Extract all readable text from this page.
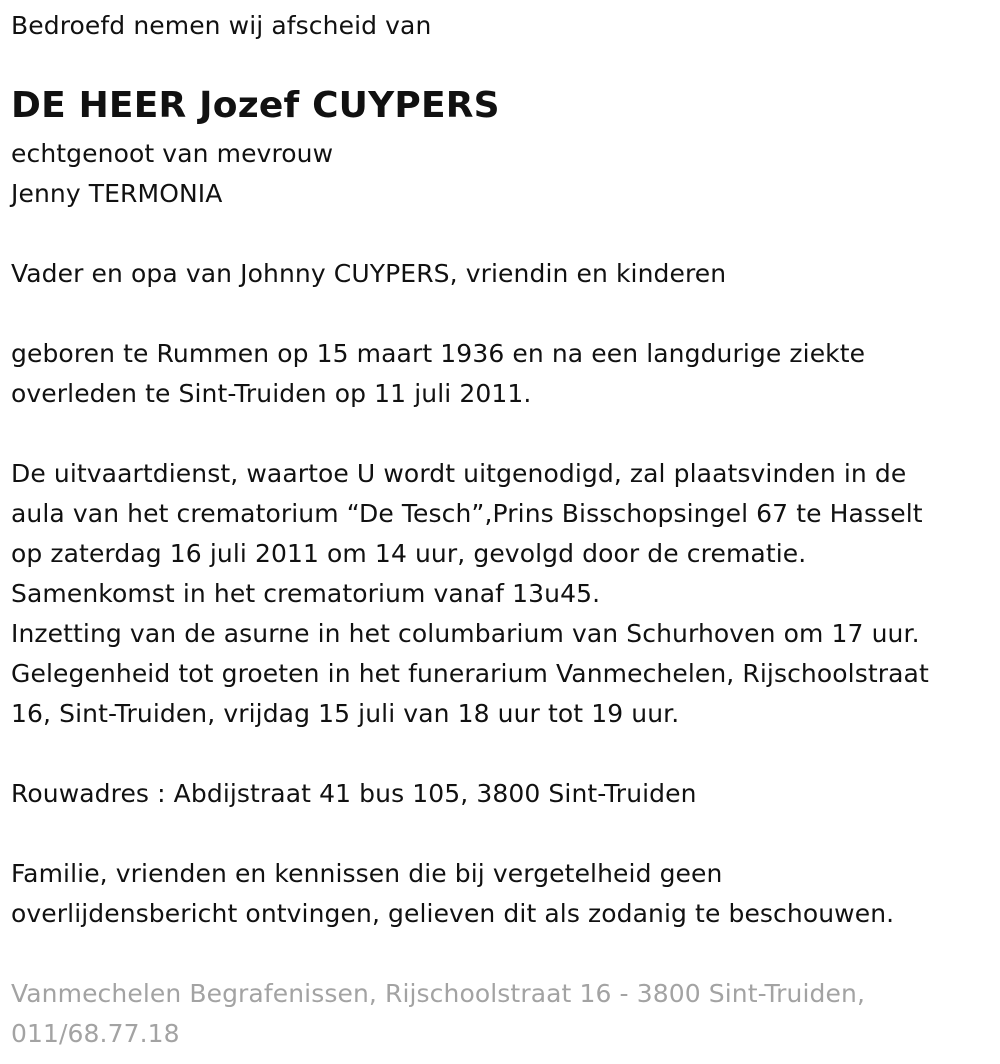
Bedroefd nemen wij afscheid van
DE HEER Jozef CUYPERS
echtgenoot van mevrouw
Jenny TERMONIA
Vader en opa van Johnny CUYPERS, vriendin en kinderen
geboren te Rummen op 15 maart 1936 en na een langdurige ziekte
overleden te Sint-Truiden op 11 juli 2011.
De uitvaartdienst, waartoe U wordt uitgenodigd, zal plaatsvinden in de
aula van het crematorium “De Tesch”,Prins Bisschopsingel 67 te Hasselt
op zaterdag 16 juli 2011 om 14 uur, gevolgd door de crematie.
Samenkomst in het crematorium vanaf 13u45.
Inzetting van de asurne in het columbarium van Schurhoven om 17 uur.
Gelegenheid tot groeten in het funerarium Vanmechelen, Rijschoolstraat
16, Sint-Truiden, vrijdag 15 juli van 18 uur tot 19 uur.
Rouwadres : Abdijstraat 41 bus 105, 3800 Sint-Truiden
Familie, vrienden en kennissen die bij vergetelheid geen
overlijdensbericht ontvingen, gelieven dit als zodanig te beschouwen.
Vanmechelen Begrafenissen, Rijschoolstraat 16 - 3800 Sint-Truiden,
011/68.77.18
